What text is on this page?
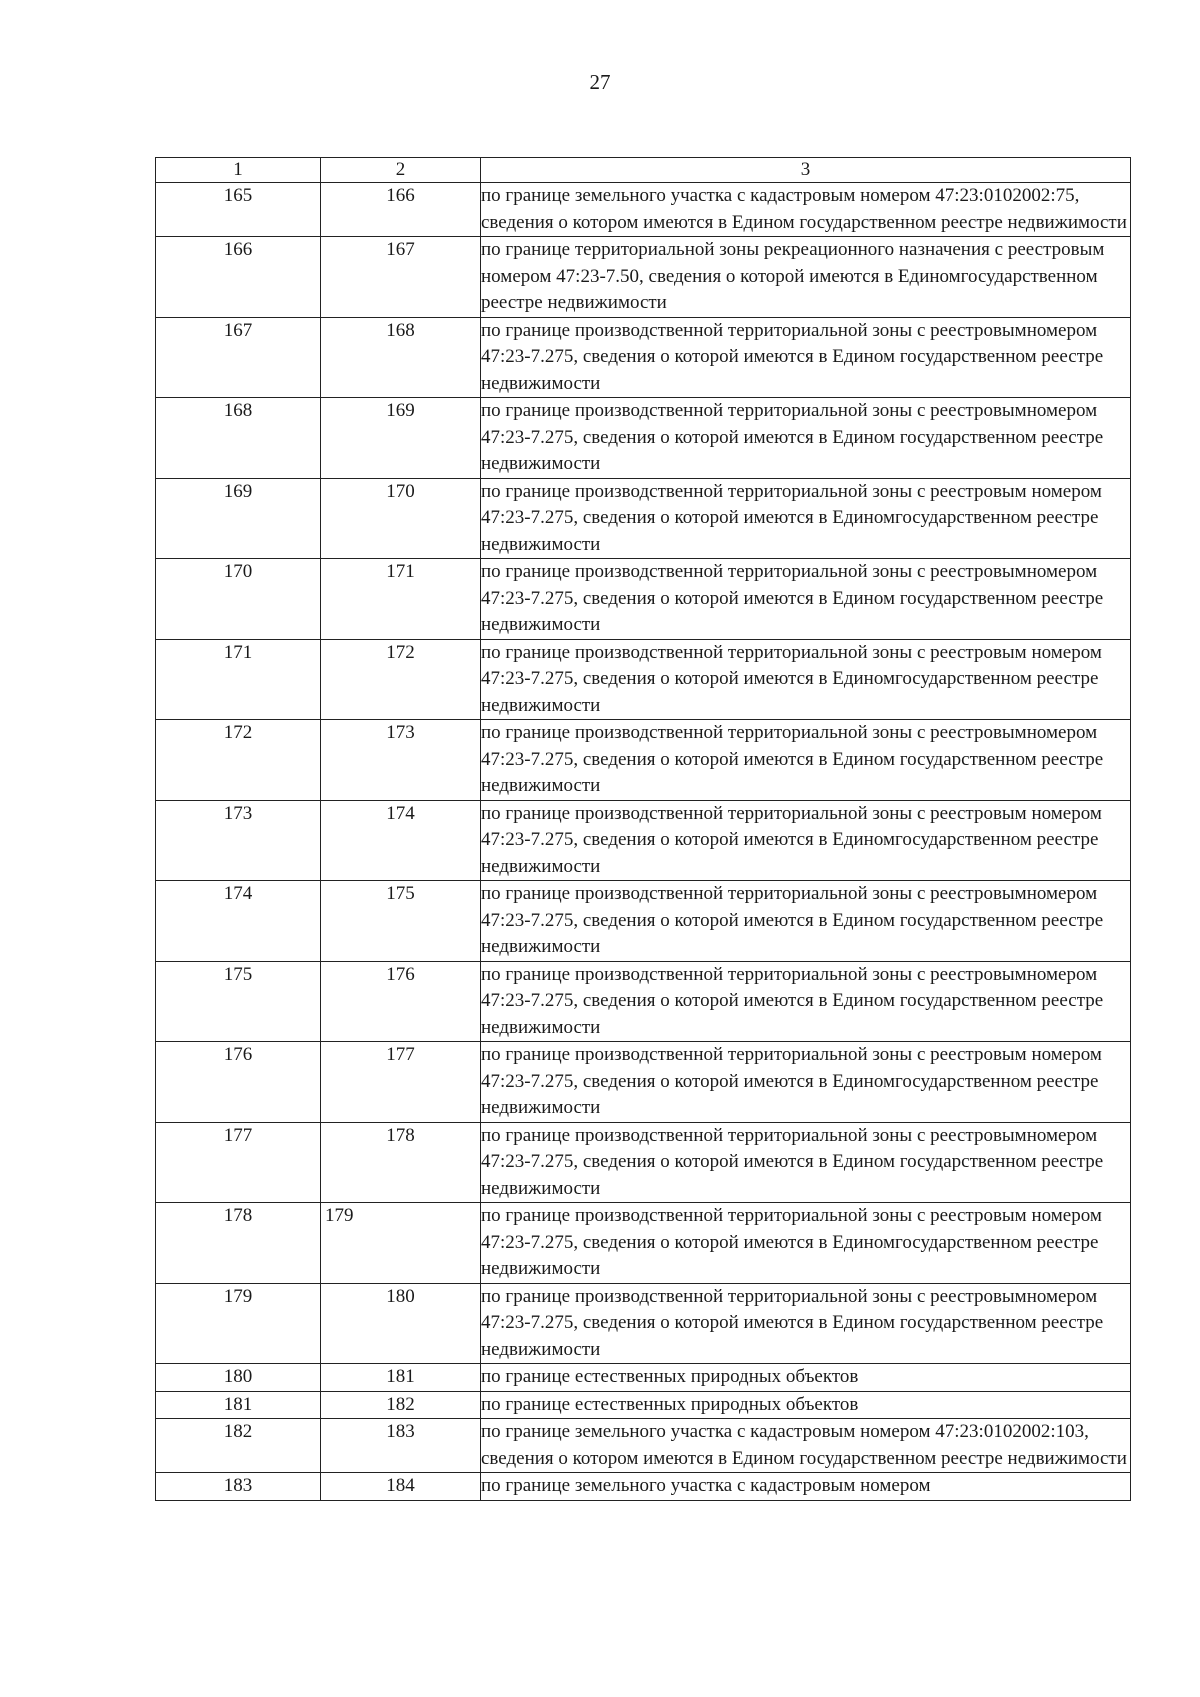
27
1	2	3
165	166	по границе земельного участка с кадастровым номером 47:23:0102002:75, сведения о котором имеются в Едином государственном реестре недвижимости
166	167	по границе территориальной зоны рекреационного назначения с реестровым номером 47:23-7.50, сведения о которой имеются в Единомгосударственном реестре недвижимости
167	168	по границе производственной территориальной зоны с реестровымномером 47:23-7.275, сведения о которой имеются в Едином государственном реестре недвижимости
168	169	по границе производственной территориальной зоны с реестровымномером 47:23-7.275, сведения о которой имеются в Едином государственном реестре недвижимости
169	170	по границе производственной территориальной зоны с реестровым номером 47:23-7.275, сведения о которой имеются в Единомгосударственном реестре недвижимости
170	171	по границе производственной территориальной зоны с реестровымномером 47:23-7.275, сведения о которой имеются в Едином государственном реестре недвижимости
171	172	по границе производственной территориальной зоны с реестровым номером 47:23-7.275, сведения о которой имеются в Единомгосударственном реестре недвижимости
172	173	по границе производственной территориальной зоны с реестровымномером 47:23-7.275, сведения о которой имеются в Едином государственном реестре недвижимости
173	174	по границе производственной территориальной зоны с реестровым номером 47:23-7.275, сведения о которой имеются в Единомгосударственном реестре недвижимости
174	175	по границе производственной территориальной зоны с реестровымномером 47:23-7.275, сведения о которой имеются в Едином государственном реестре недвижимости
175	176	по границе производственной территориальной зоны с реестровымномером 47:23-7.275, сведения о которой имеются в Едином государственном реестре недвижимости
176	177	по границе производственной территориальной зоны с реестровым номером 47:23-7.275, сведения о которой имеются в Единомгосударственном реестре недвижимости
177	178	по границе производственной территориальной зоны с реестровымномером 47:23-7.275, сведения о которой имеются в Едином государственном реестре недвижимости
178	179	по границе производственной территориальной зоны с реестровым номером 47:23-7.275, сведения о которой имеются в Единомгосударственном реестре недвижимости
179	180	по границе производственной территориальной зоны с реестровымномером 47:23-7.275, сведения о которой имеются в Едином государственном реестре недвижимости
180	181	по границе естественных природных объектов
181	182	по границе естественных природных объектов
182	183	по границе земельного участка с кадастровым номером 47:23:0102002:103, сведения о котором имеются в Едином государственном реестре недвижимости
183	184	по границе земельного участка с кадастровым номером
